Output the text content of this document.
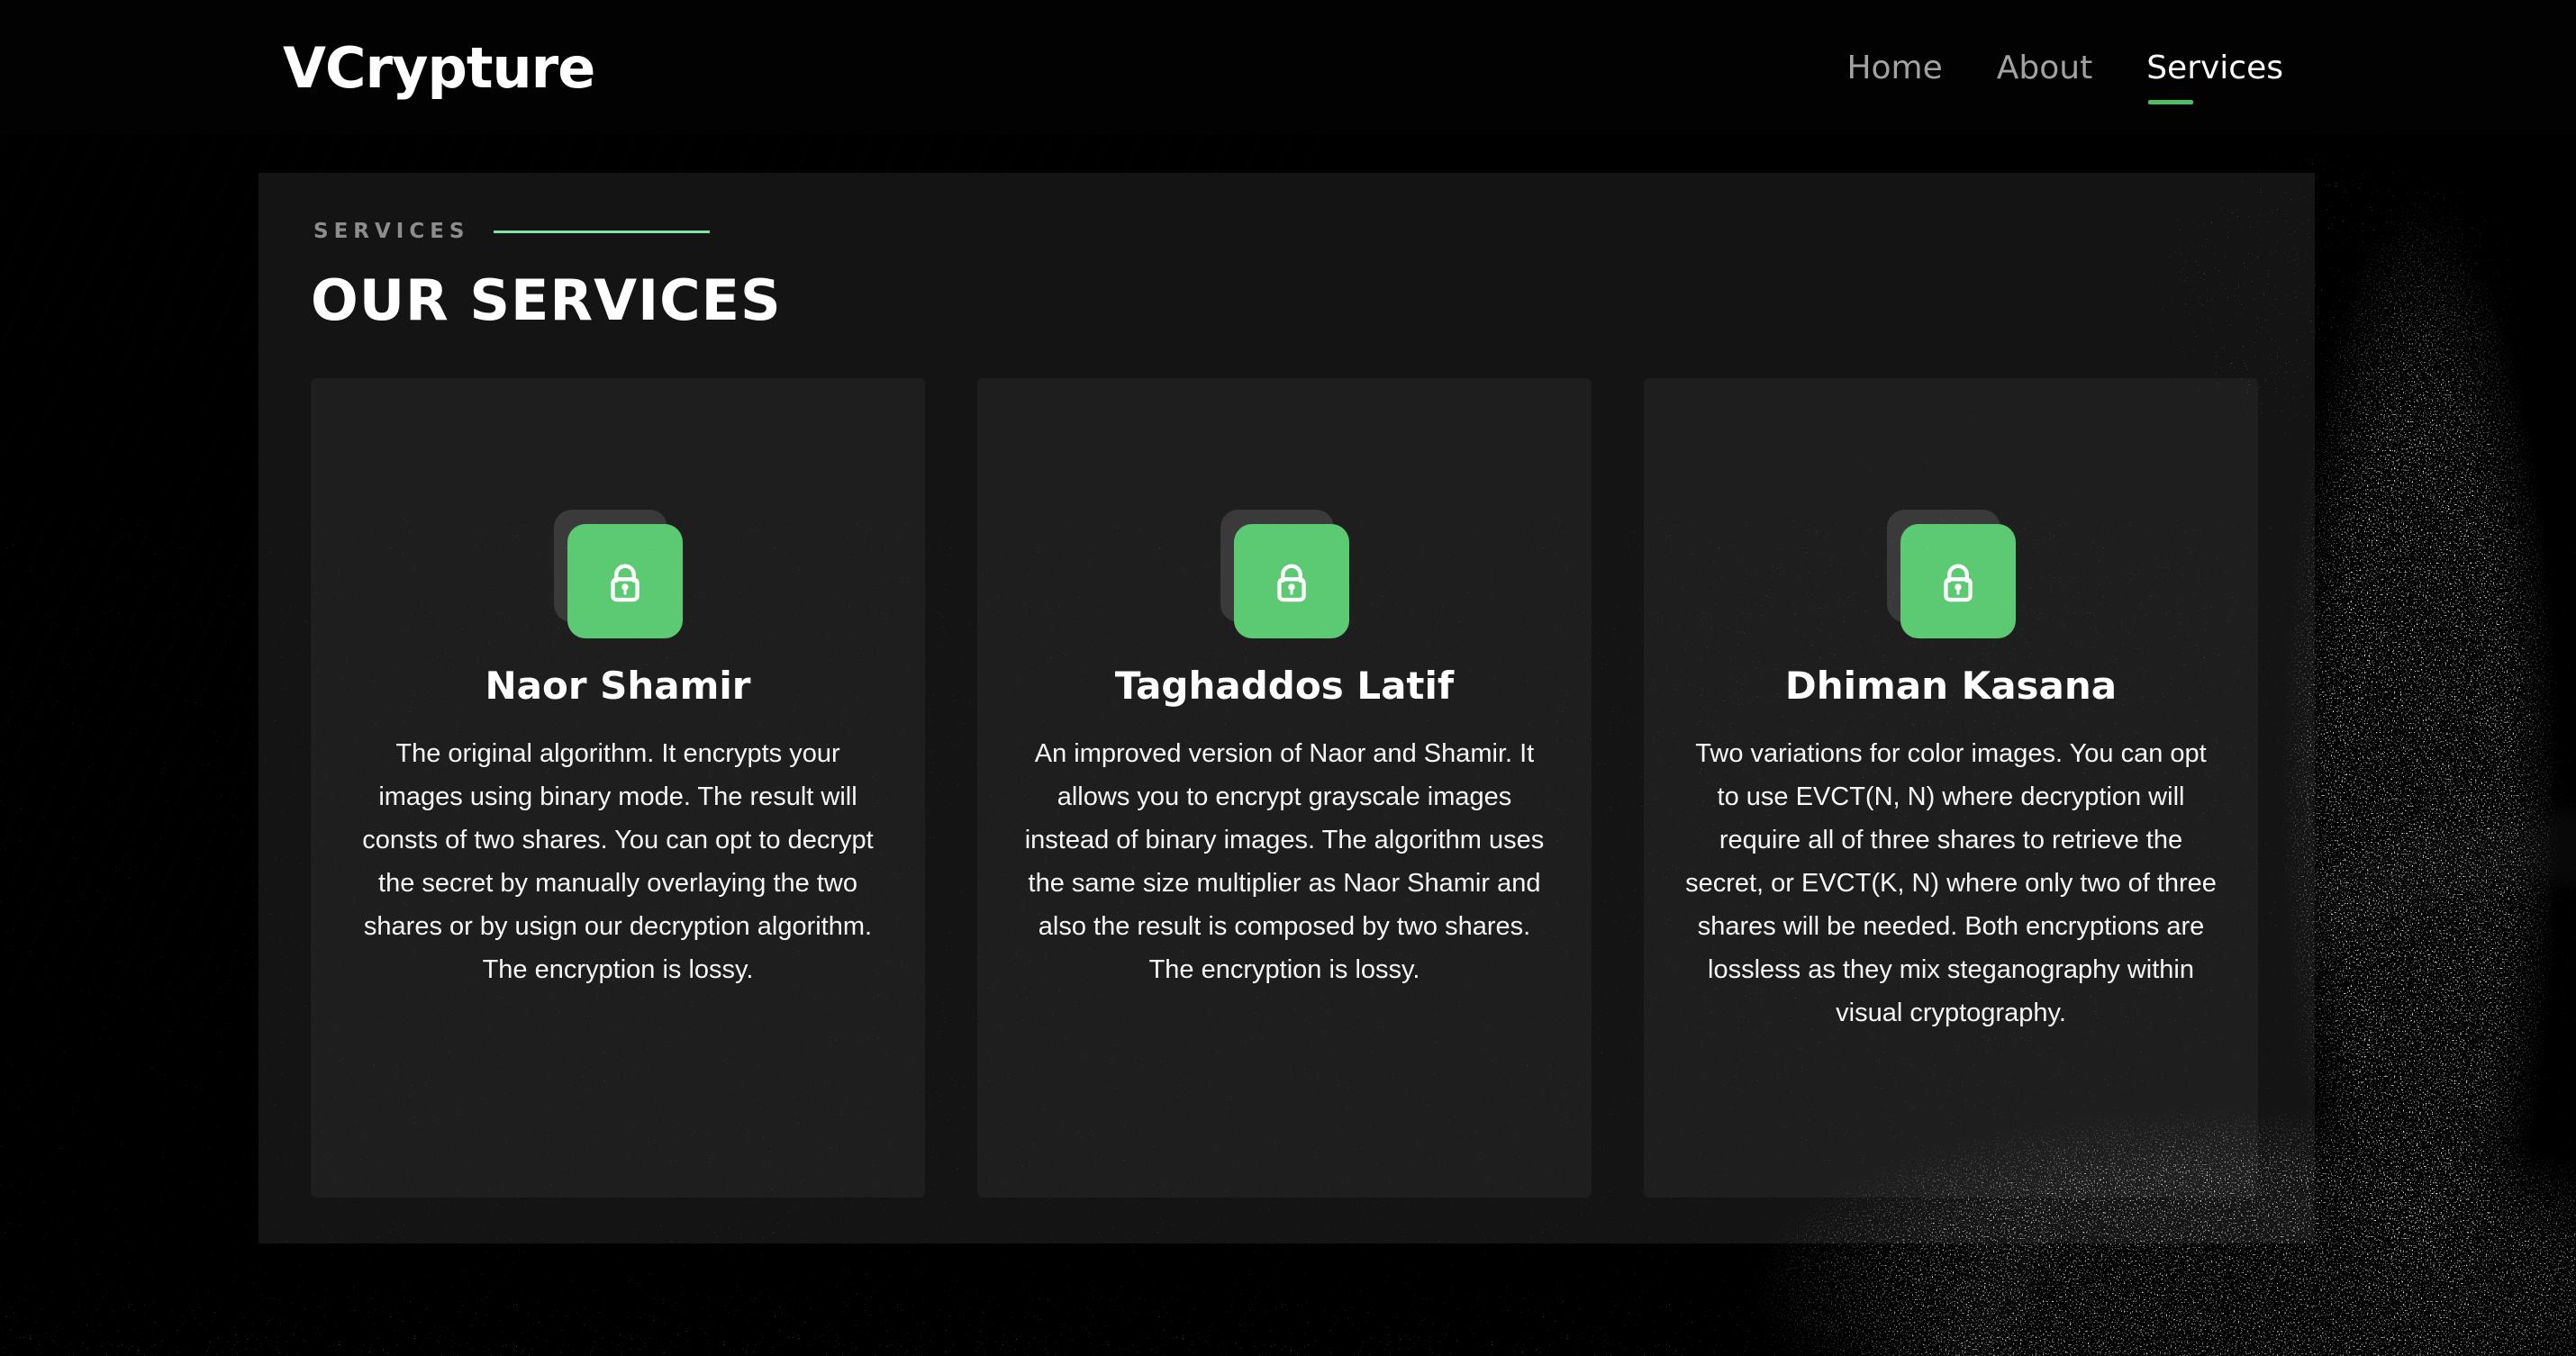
VCrypture	Home About Services
SERVICES
OUR SERVICES
Naor Shamir

The original algorithm. It encrypts your images using binary mode. The result will consts of two shares. You can opt to decrypt the secret by manually overlaying the two shares or by usign our decryption algorithm. The encryption is lossy.

Taghaddos Latif

An improved version of Naor and Shamir. It allows you to encrypt grayscale images instead of binary images. The algorithm uses the same size multiplier as Naor Shamir and also the result is composed by two shares. The encryption is lossy.

Dhiman Kasana

Two variations for color images. You can opt to use EVCT(N, N) where decryption will require all of three shares to retrieve the secret, or EVCT(K, N) where only two of three shares will be needed. Both encryptions are lossless as they mix steganography within visual cryptography.
